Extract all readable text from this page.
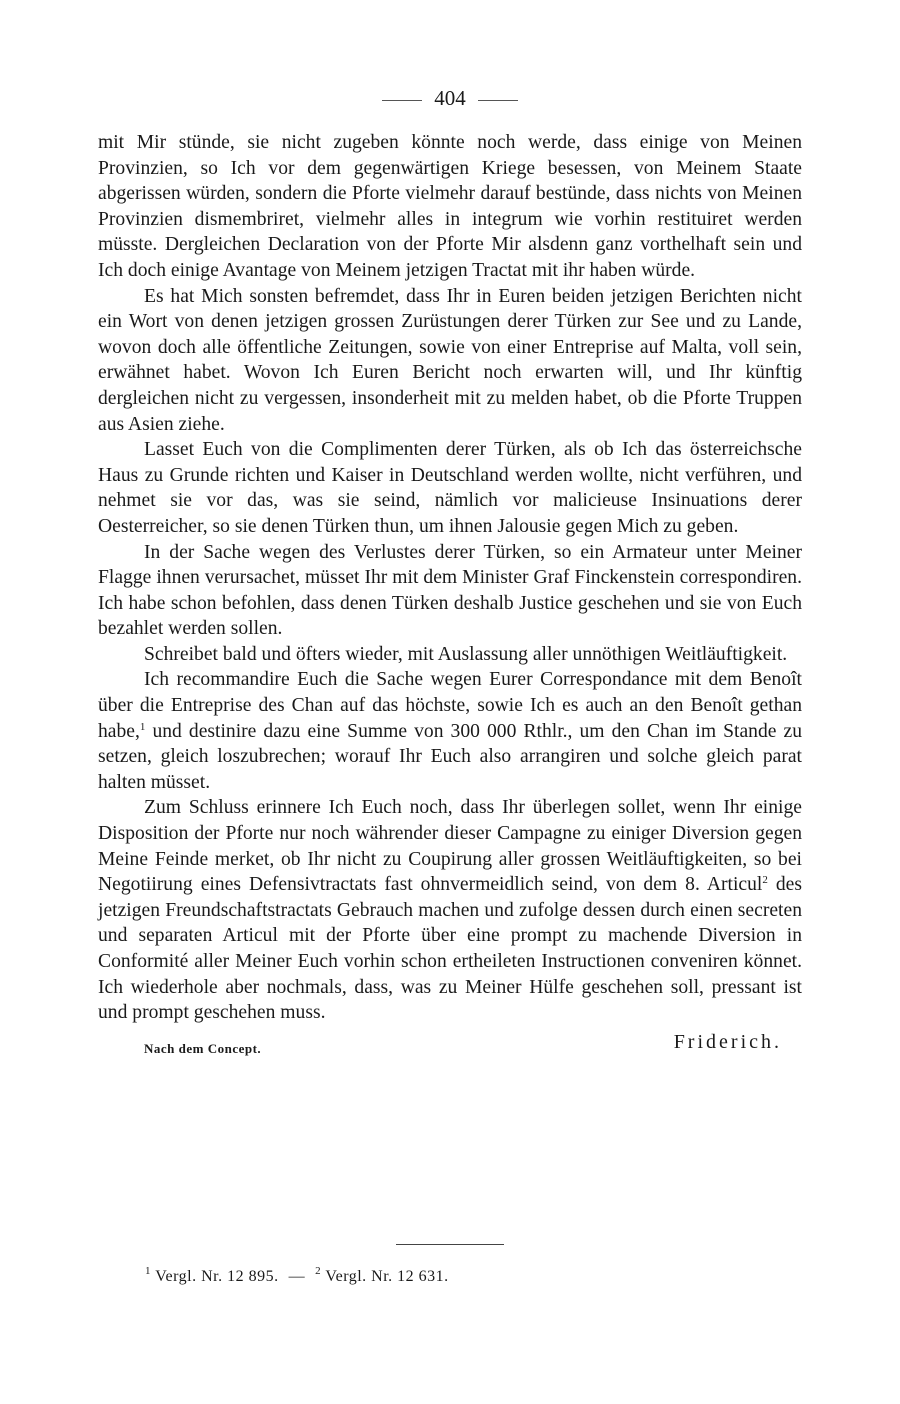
404

mit Mir stünde, sie nicht zugeben könnte noch werde, dass einige von Meinen Provinzien, so Ich vor dem gegenwärtigen Kriege besessen, von Meinem Staate abgerissen würden, sondern die Pforte vielmehr darauf bestünde, dass nichts von Meinen Provinzien dismembriret, vielmehr alles in integrum wie vorhin restituiret werden müsste. Dergleichen Declaration von der Pforte Mir alsdenn ganz vorthelhaft sein und Ich doch einige Avantage von Meinem jetzigen Tractat mit ihr haben würde.

Es hat Mich sonsten befremdet, dass Ihr in Euren beiden jetzigen Berichten nicht ein Wort von denen jetzigen grossen Zurüstungen derer Türken zur See und zu Lande, wovon doch alle öffentliche Zeitungen, sowie von einer Entreprise auf Malta, voll sein, erwähnet habet. Wovon Ich Euren Bericht noch erwarten will, und Ihr künftig dergleichen nicht zu vergessen, insonderheit mit zu melden habet, ob die Pforte Truppen aus Asien ziehe.

Lasset Euch von die Complimenten derer Türken, als ob Ich das österreichsche Haus zu Grunde richten und Kaiser in Deutschland werden wollte, nicht verführen, und nehmet sie vor das, was sie seind, nämlich vor malicieuse Insinuations derer Oesterreicher, so sie denen Türken thun, um ihnen Jalousie gegen Mich zu geben.

In der Sache wegen des Verlustes derer Türken, so ein Armateur unter Meiner Flagge ihnen verursachet, müsset Ihr mit dem Minister Graf Finckenstein correspondiren. Ich habe schon befohlen, dass denen Türken deshalb Justice geschehen und sie von Euch bezahlet werden sollen.

Schreibet bald und öfters wieder, mit Auslassung aller unnöthigen Weitläuftigkeit.

Ich recommandire Euch die Sache wegen Eurer Correspondance mit dem Benoît über die Entreprise des Chan auf das höchste, sowie Ich es auch an den Benoît gethan habe,$^1$ und destinire dazu eine Summe von 300 000 Rthlr., um den Chan im Stande zu setzen, gleich loszubrechen; worauf Ihr Euch also arrangiren und solche gleich parat halten müsset.

Zum Schluss erinnere Ich Euch noch, dass Ihr überlegen sollet, wenn Ihr einige Disposition der Pforte nur noch währender dieser Campagne zu einiger Diversion gegen Meine Feinde merket, ob Ihr nicht zu Coupirung aller grossen Weitläuftigkeiten, so bei Negotiirung eines Defensivtractats fast ohnvermeidlich seind, von dem 8. Articul$^2$ des jetzigen Freundschaftstractats Gebrauch machen und zufolge dessen durch einen secreten und separaten Articul mit der Pforte über eine prompt zu machende Diversion in Conformité aller Meiner Euch vorhin schon ertheileten Instructionen conveniren könnet. Ich wiederhole aber nochmals, dass, was zu Meiner Hülfe geschehen soll, pressant ist und prompt geschehen muss.

Nach dem Concept.	Friderich.
$^1$ Vergl. Nr. 12 895. — $^2$ Vergl. Nr. 12 631.
